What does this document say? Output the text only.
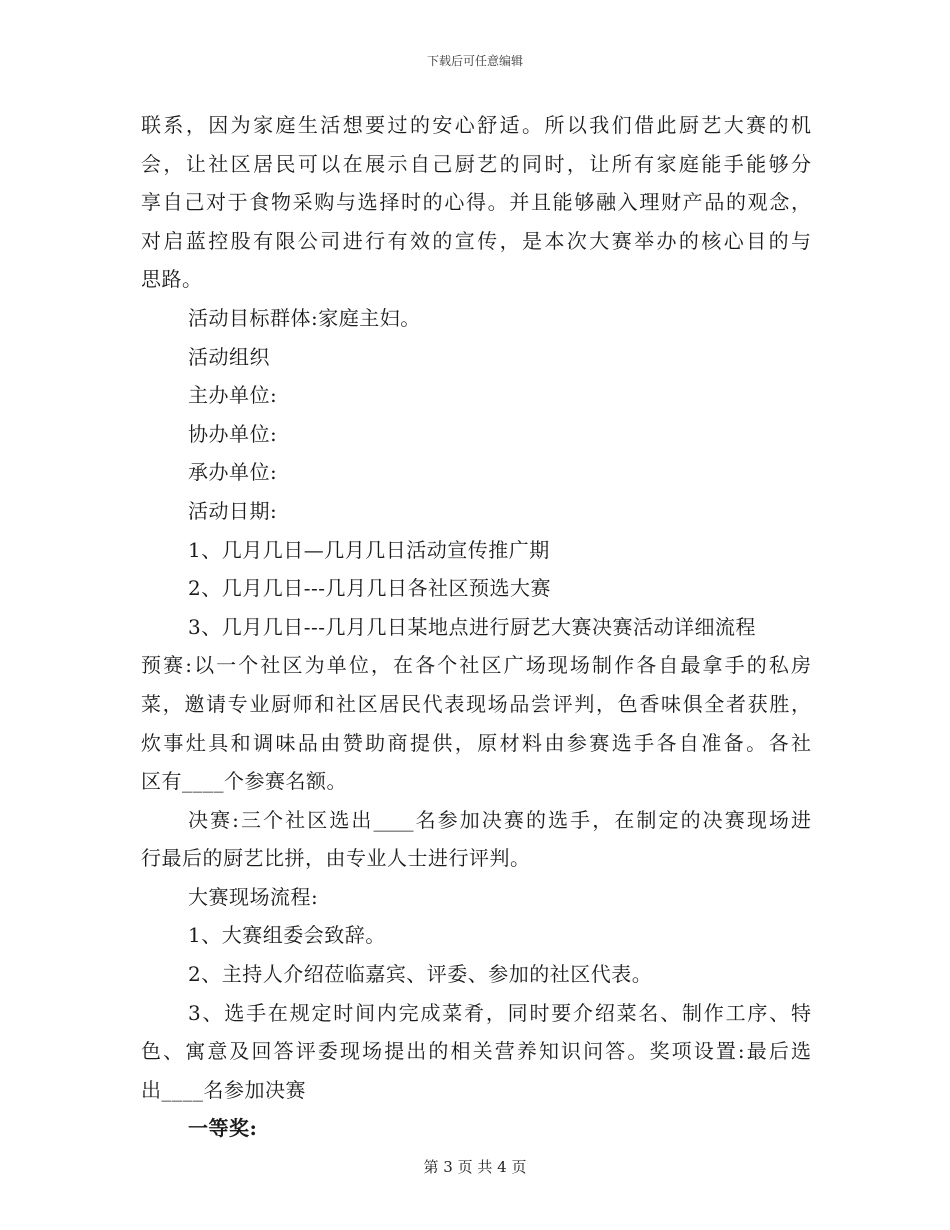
下载后可任意编辑
联系，因为家庭生活想要过的安心舒适。所以我们借此厨艺大赛的机
会，让社区居民可以在展示自己厨艺的同时，让所有家庭能手能够分
享自己对于食物采购与选择时的心得。并且能够融入理财产品的观念，
对启蓝控股有限公司进行有效的宣传，是本次大赛举办的核心目的与
思路。
活动目标群体:家庭主妇。
活动组织
主办单位:
协办单位:
承办单位:
活动日期:
1、几月几日—几月几日活动宣传推广期
2、几月几日---几月几日各社区预选大赛
3、几月几日---几月几日某地点进行厨艺大赛决赛活动详细流程
预赛:以一个社区为单位，在各个社区广场现场制作各自最拿手的私房
菜，邀请专业厨师和社区居民代表现场品尝评判，色香味俱全者获胜，
炊事灶具和调味品由赞助商提供，原材料由参赛选手各自准备。各社
区有____个参赛名额。
决赛:三个社区选出____名参加决赛的选手，在制定的决赛现场进
行最后的厨艺比拼，由专业人士进行评判。
大赛现场流程:
1、大赛组委会致辞。
2、主持人介绍莅临嘉宾、评委、参加的社区代表。
3、选手在规定时间内完成菜肴，同时要介绍菜名、制作工序、特
色、寓意及回答评委现场提出的相关营养知识问答。奖项设置:最后选
出____名参加决赛
一等奖:
第 3 页 共 4 页
